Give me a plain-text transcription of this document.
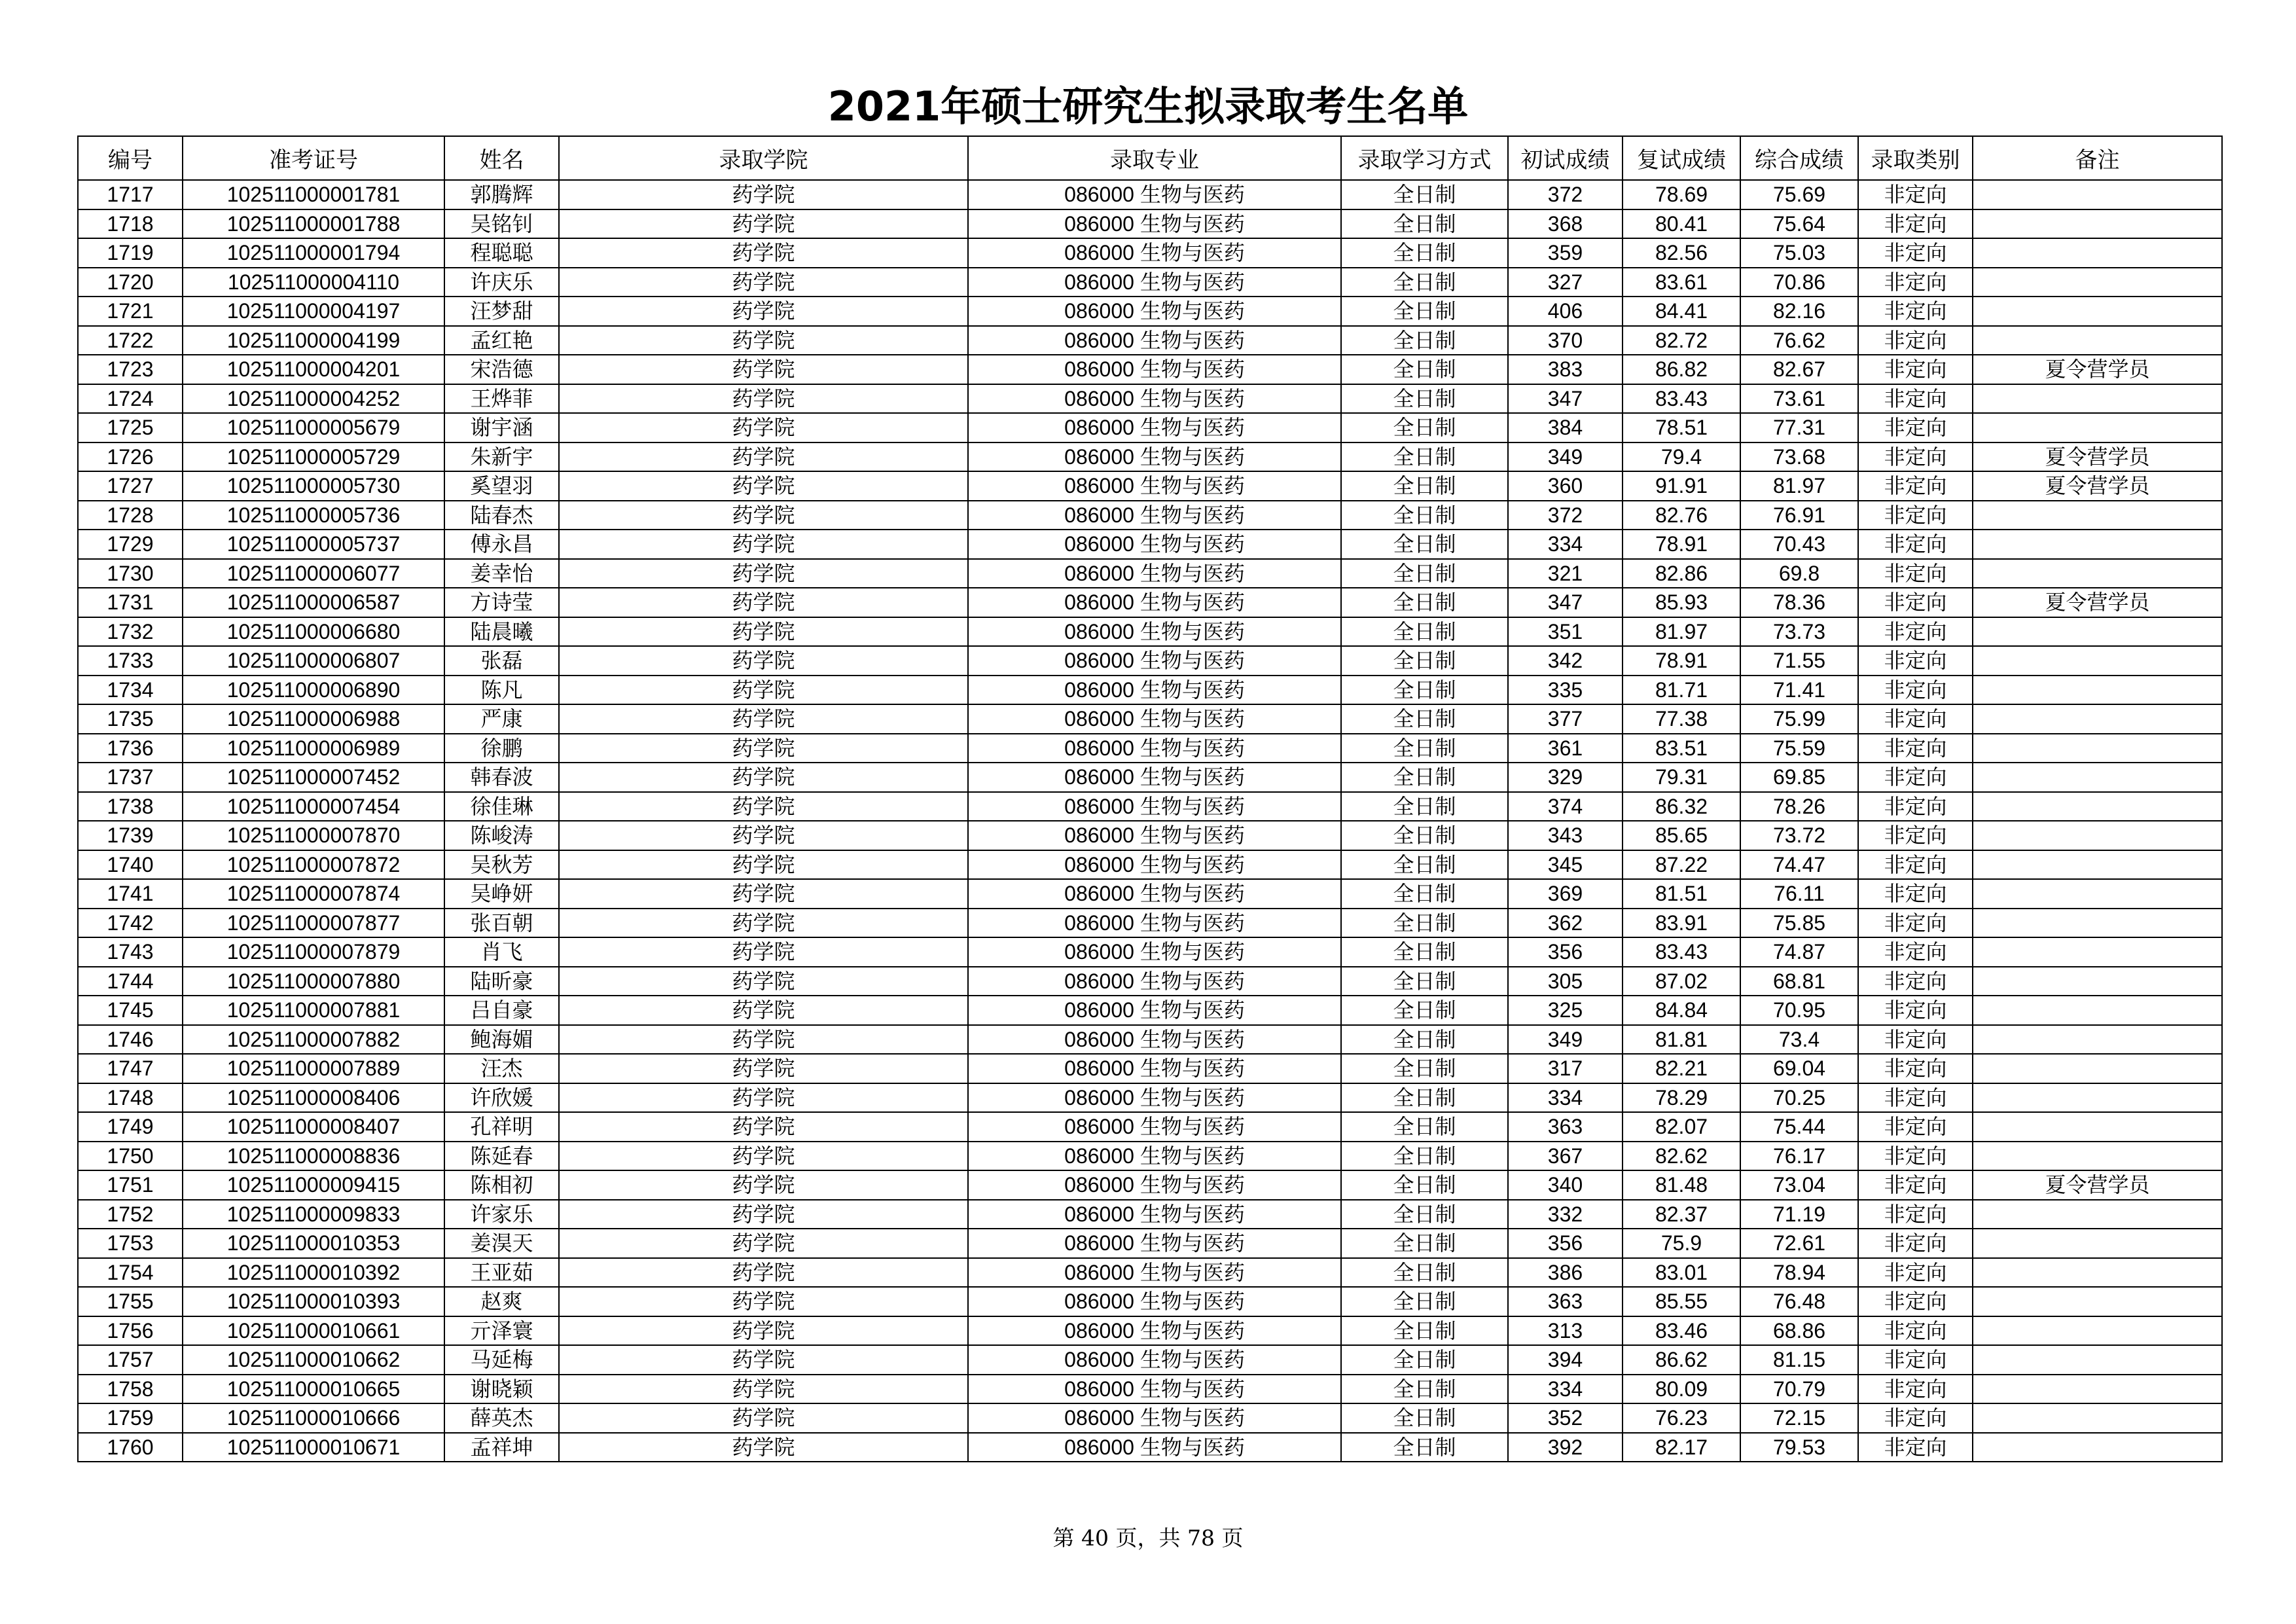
2021年硕士研究生拟录取考生名单
编号	准考证号	姓名	录取学院	录取专业	录取学习方式	初试成绩	复试成绩	综合成绩	录取类别	备注
1717	102511000001781	郭腾辉	药学院	086000 生物与医药	全日制	372	78.69	75.69	非定向	
1718	102511000001788	吴铭钊	药学院	086000 生物与医药	全日制	368	80.41	75.64	非定向	
1719	102511000001794	程聪聪	药学院	086000 生物与医药	全日制	359	82.56	75.03	非定向	
1720	102511000004110	许庆乐	药学院	086000 生物与医药	全日制	327	83.61	70.86	非定向	
1721	102511000004197	汪梦甜	药学院	086000 生物与医药	全日制	406	84.41	82.16	非定向	
1722	102511000004199	孟红艳	药学院	086000 生物与医药	全日制	370	82.72	76.62	非定向	
1723	102511000004201	宋浩德	药学院	086000 生物与医药	全日制	383	86.82	82.67	非定向	夏令营学员
1724	102511000004252	王烨菲	药学院	086000 生物与医药	全日制	347	83.43	73.61	非定向	
1725	102511000005679	谢宇涵	药学院	086000 生物与医药	全日制	384	78.51	77.31	非定向	
1726	102511000005729	朱新宇	药学院	086000 生物与医药	全日制	349	79.4	73.68	非定向	夏令营学员
1727	102511000005730	奚望羽	药学院	086000 生物与医药	全日制	360	91.91	81.97	非定向	夏令营学员
1728	102511000005736	陆春杰	药学院	086000 生物与医药	全日制	372	82.76	76.91	非定向	
1729	102511000005737	傅永昌	药学院	086000 生物与医药	全日制	334	78.91	70.43	非定向	
1730	102511000006077	姜幸怡	药学院	086000 生物与医药	全日制	321	82.86	69.8	非定向	
1731	102511000006587	方诗莹	药学院	086000 生物与医药	全日制	347	85.93	78.36	非定向	夏令营学员
1732	102511000006680	陆晨曦	药学院	086000 生物与医药	全日制	351	81.97	73.73	非定向	
1733	102511000006807	张磊	药学院	086000 生物与医药	全日制	342	78.91	71.55	非定向	
1734	102511000006890	陈凡	药学院	086000 生物与医药	全日制	335	81.71	71.41	非定向	
1735	102511000006988	严康	药学院	086000 生物与医药	全日制	377	77.38	75.99	非定向	
1736	102511000006989	徐鹏	药学院	086000 生物与医药	全日制	361	83.51	75.59	非定向	
1737	102511000007452	韩春波	药学院	086000 生物与医药	全日制	329	79.31	69.85	非定向	
1738	102511000007454	徐佳琳	药学院	086000 生物与医药	全日制	374	86.32	78.26	非定向	
1739	102511000007870	陈峻涛	药学院	086000 生物与医药	全日制	343	85.65	73.72	非定向	
1740	102511000007872	吴秋芳	药学院	086000 生物与医药	全日制	345	87.22	74.47	非定向	
1741	102511000007874	吴峥妍	药学院	086000 生物与医药	全日制	369	81.51	76.11	非定向	
1742	102511000007877	张百朝	药学院	086000 生物与医药	全日制	362	83.91	75.85	非定向	
1743	102511000007879	肖飞	药学院	086000 生物与医药	全日制	356	83.43	74.87	非定向	
1744	102511000007880	陆昕豪	药学院	086000 生物与医药	全日制	305	87.02	68.81	非定向	
1745	102511000007881	吕自豪	药学院	086000 生物与医药	全日制	325	84.84	70.95	非定向	
1746	102511000007882	鲍海媚	药学院	086000 生物与医药	全日制	349	81.81	73.4	非定向	
1747	102511000007889	汪杰	药学院	086000 生物与医药	全日制	317	82.21	69.04	非定向	
1748	102511000008406	许欣媛	药学院	086000 生物与医药	全日制	334	78.29	70.25	非定向	
1749	102511000008407	孔祥明	药学院	086000 生物与医药	全日制	363	82.07	75.44	非定向	
1750	102511000008836	陈延春	药学院	086000 生物与医药	全日制	367	82.62	76.17	非定向	
1751	102511000009415	陈相初	药学院	086000 生物与医药	全日制	340	81.48	73.04	非定向	夏令营学员
1752	102511000009833	许家乐	药学院	086000 生物与医药	全日制	332	82.37	71.19	非定向	
1753	102511000010353	姜淏天	药学院	086000 生物与医药	全日制	356	75.9	72.61	非定向	
1754	102511000010392	王亚茹	药学院	086000 生物与医药	全日制	386	83.01	78.94	非定向	
1755	102511000010393	赵爽	药学院	086000 生物与医药	全日制	363	85.55	76.48	非定向	
1756	102511000010661	亓泽寰	药学院	086000 生物与医药	全日制	313	83.46	68.86	非定向	
1757	102511000010662	马延梅	药学院	086000 生物与医药	全日制	394	86.62	81.15	非定向	
1758	102511000010665	谢晓颖	药学院	086000 生物与医药	全日制	334	80.09	70.79	非定向	
1759	102511000010666	薛英杰	药学院	086000 生物与医药	全日制	352	76.23	72.15	非定向	
1760	102511000010671	孟祥坤	药学院	086000 生物与医药	全日制	392	82.17	79.53	非定向	
第 40 页，共 78 页
